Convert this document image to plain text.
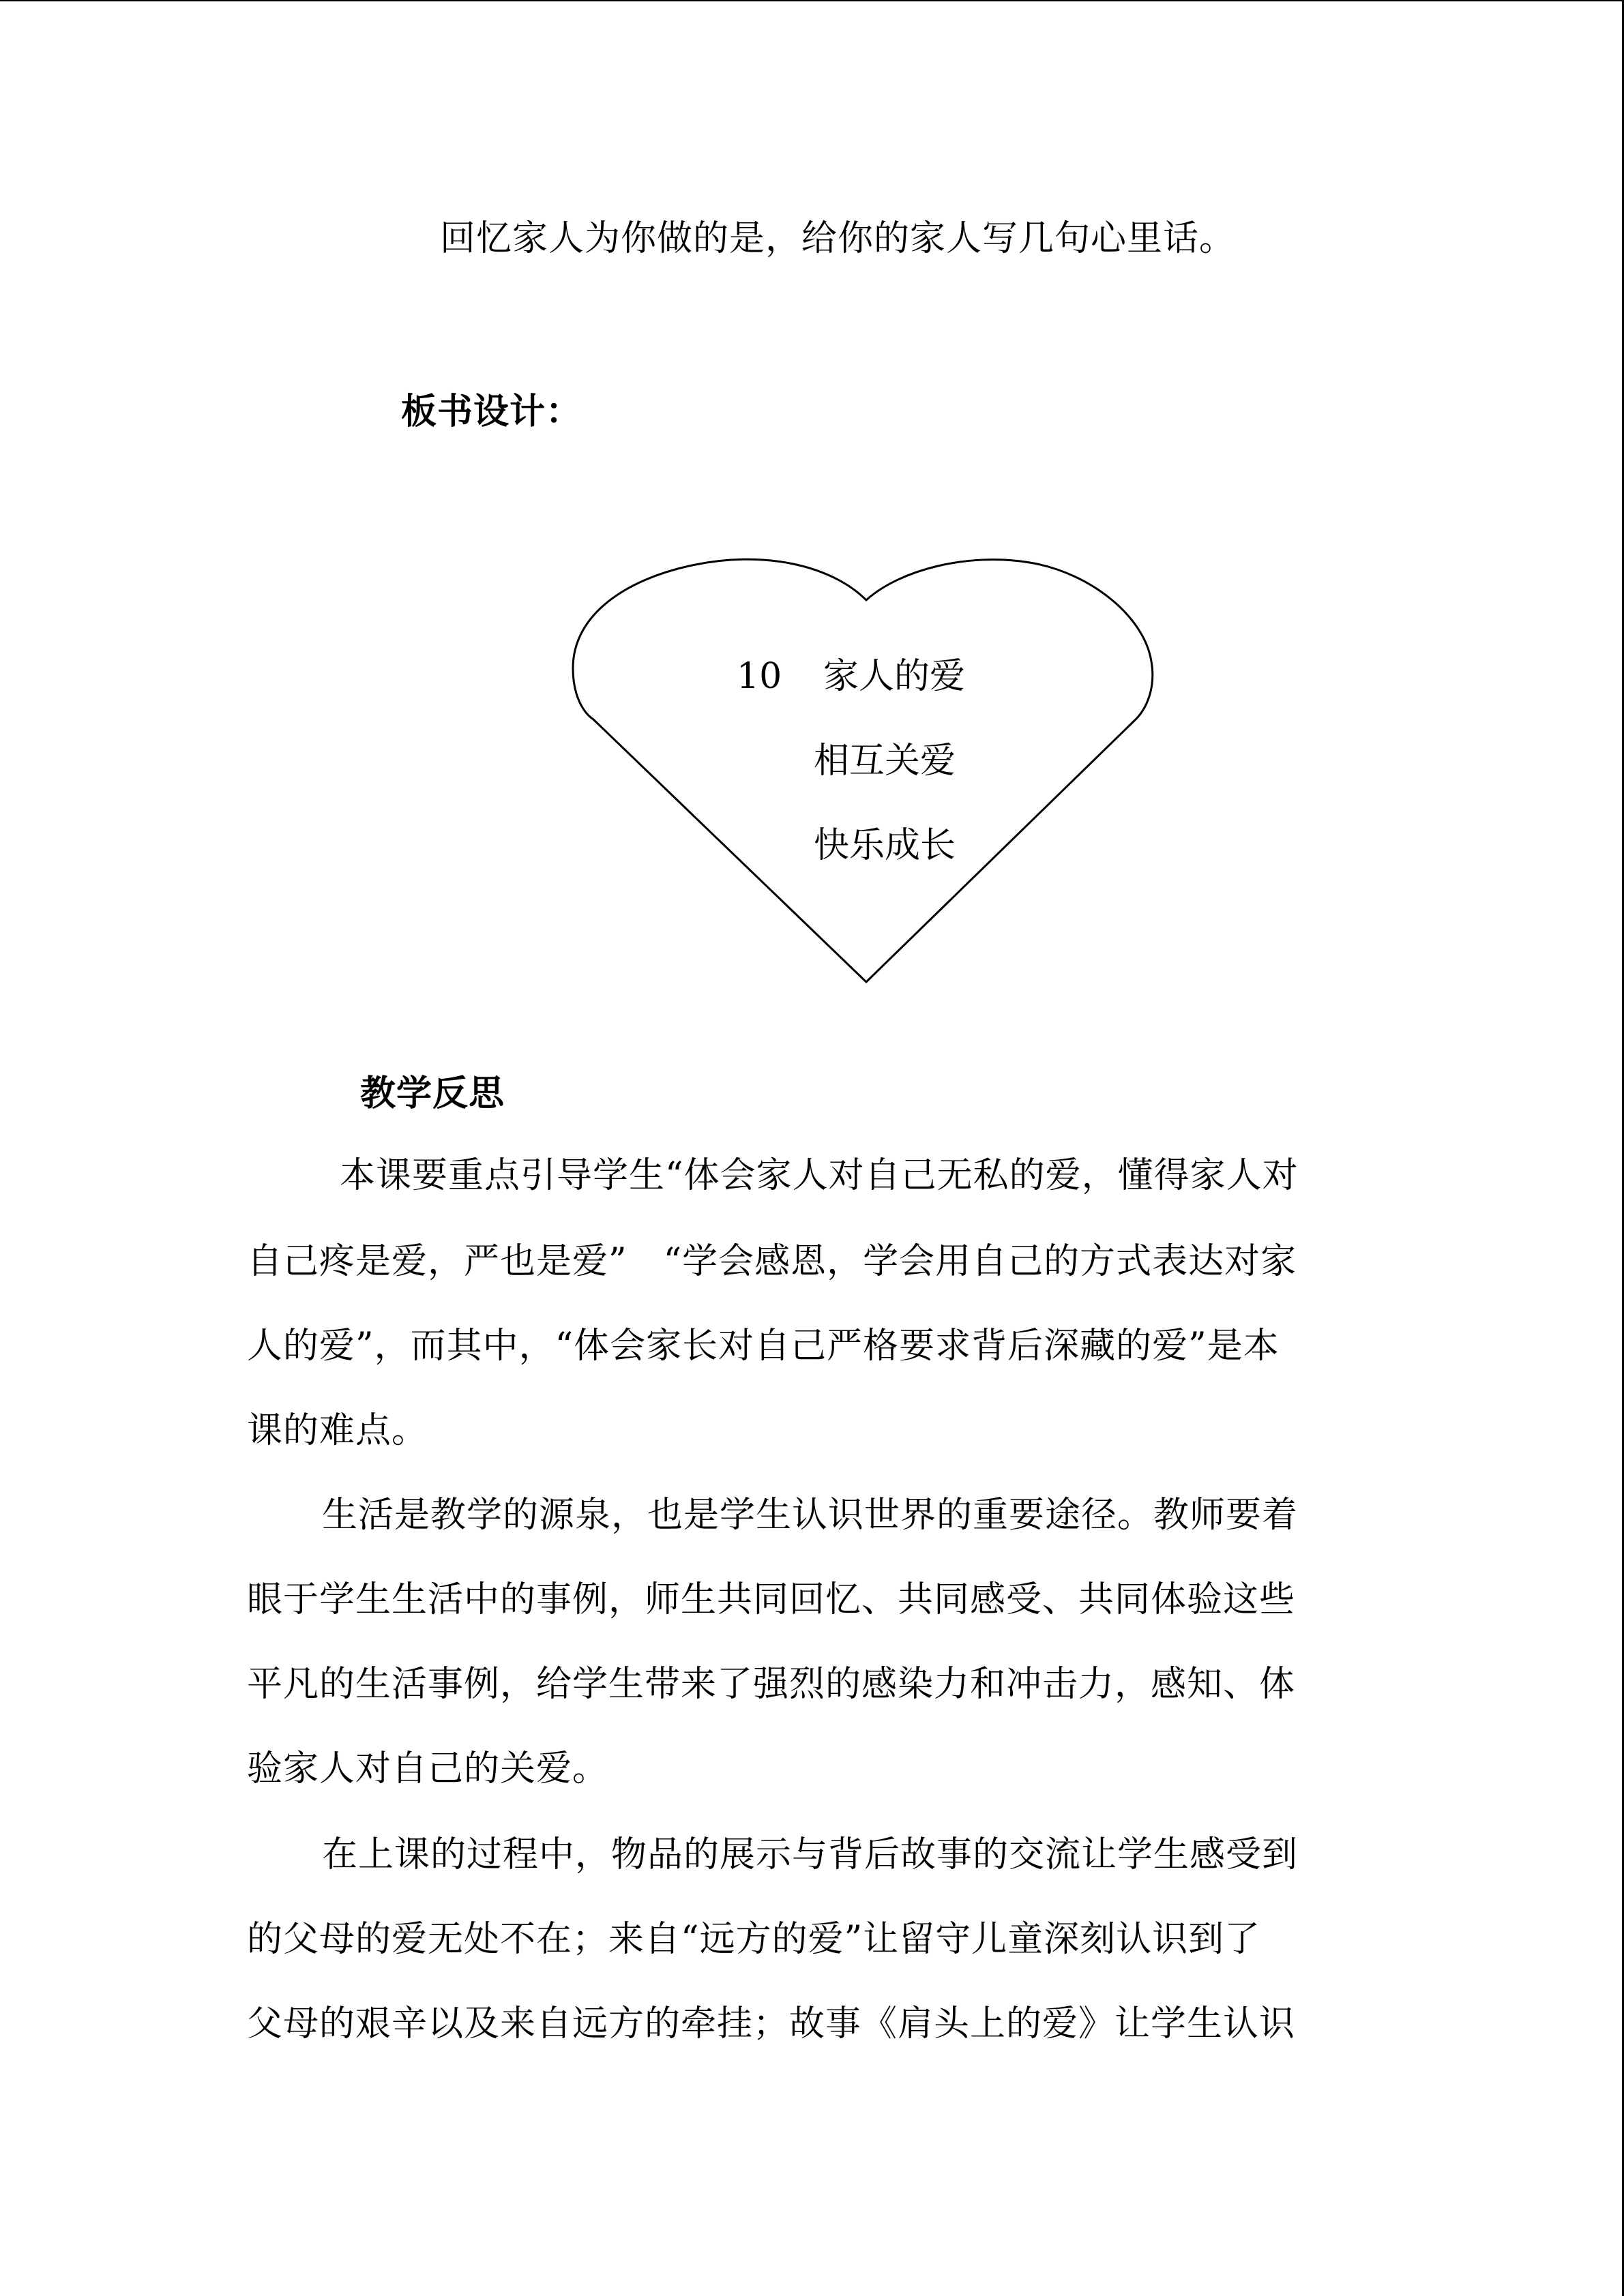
回忆家人为你做的是，给你的家人写几句心里话。
板书设计：
10 家人的爱
相互关爱
快乐成长
教学反思
本课要重点引导学生“体会家人对自己无私的爱，懂得家人对
自己疼是爱，严也是爱”　“学会感恩，学会用自己的方式表达对家
人的爱”，而其中，“体会家长对自己严格要求背后深藏的爱”是本
课的难点。
生活是教学的源泉，也是学生认识世界的重要途径。教师要着
眼于学生生活中的事例，师生共同回忆、共同感受、共同体验这些
平凡的生活事例，给学生带来了强烈的感染力和冲击力，感知、体
验家人对自己的关爱。
在上课的过程中，物品的展示与背后故事的交流让学生感受到
的父母的爱无处不在；来自“远方的爱”让留守儿童深刻认识到了
父母的艰辛以及来自远方的牵挂；故事《肩头上的爱》让学生认识
